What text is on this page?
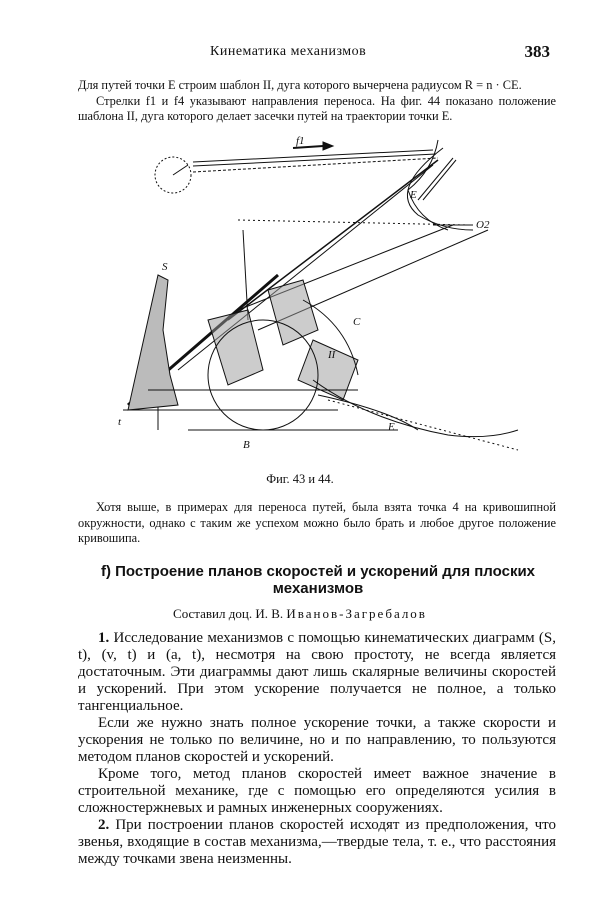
Кинематика механизмов	383

Для путей точки E строим шаблон II, дуга которого вычерчена радиусом R = n · CE.

Стрелки f1 и f4 указывают направления переноса. На фиг. 44 показано положение шаблона II, дуга которого делает засечки путей на траектории точки E.

S
t
C
E
II
O2
f1
B
E
Фиг. 43 и 44.

Хотя выше, в примерах для переноса путей, была взята точка 4 на кривошипной окружности, однако с таким же успехом можно было брать и любое другое положение кривошипа.

f) Построение планов скоростей и ускорений для плоских
механизмов
Составил доц. И. В. Иванов-Загребалов

1. Исследование механизмов с помощью кинематических диаграмм (S, t), (v, t) и (a, t), несмотря на свою простоту, не всегда является достаточным. Эти диаграммы дают лишь скалярные величины скоростей и ускорений. При этом ускорение получается не полное, а только тангенциальное.

Если же нужно знать полное ускорение точки, а также скорости и ускорения не только по величине, но и по направлению, то пользуются методом планов скоростей и ускорений.

Кроме того, метод планов скоростей имеет важное значение в строительной механике, где с помощью его определяются усилия в сложностержневых и рамных инженерных сооружениях.

2. При построении планов скоростей исходят из предположения, что звенья, входящие в состав механизма,—твердые тела, т. е., что расстояния между точками звена неизменны.
